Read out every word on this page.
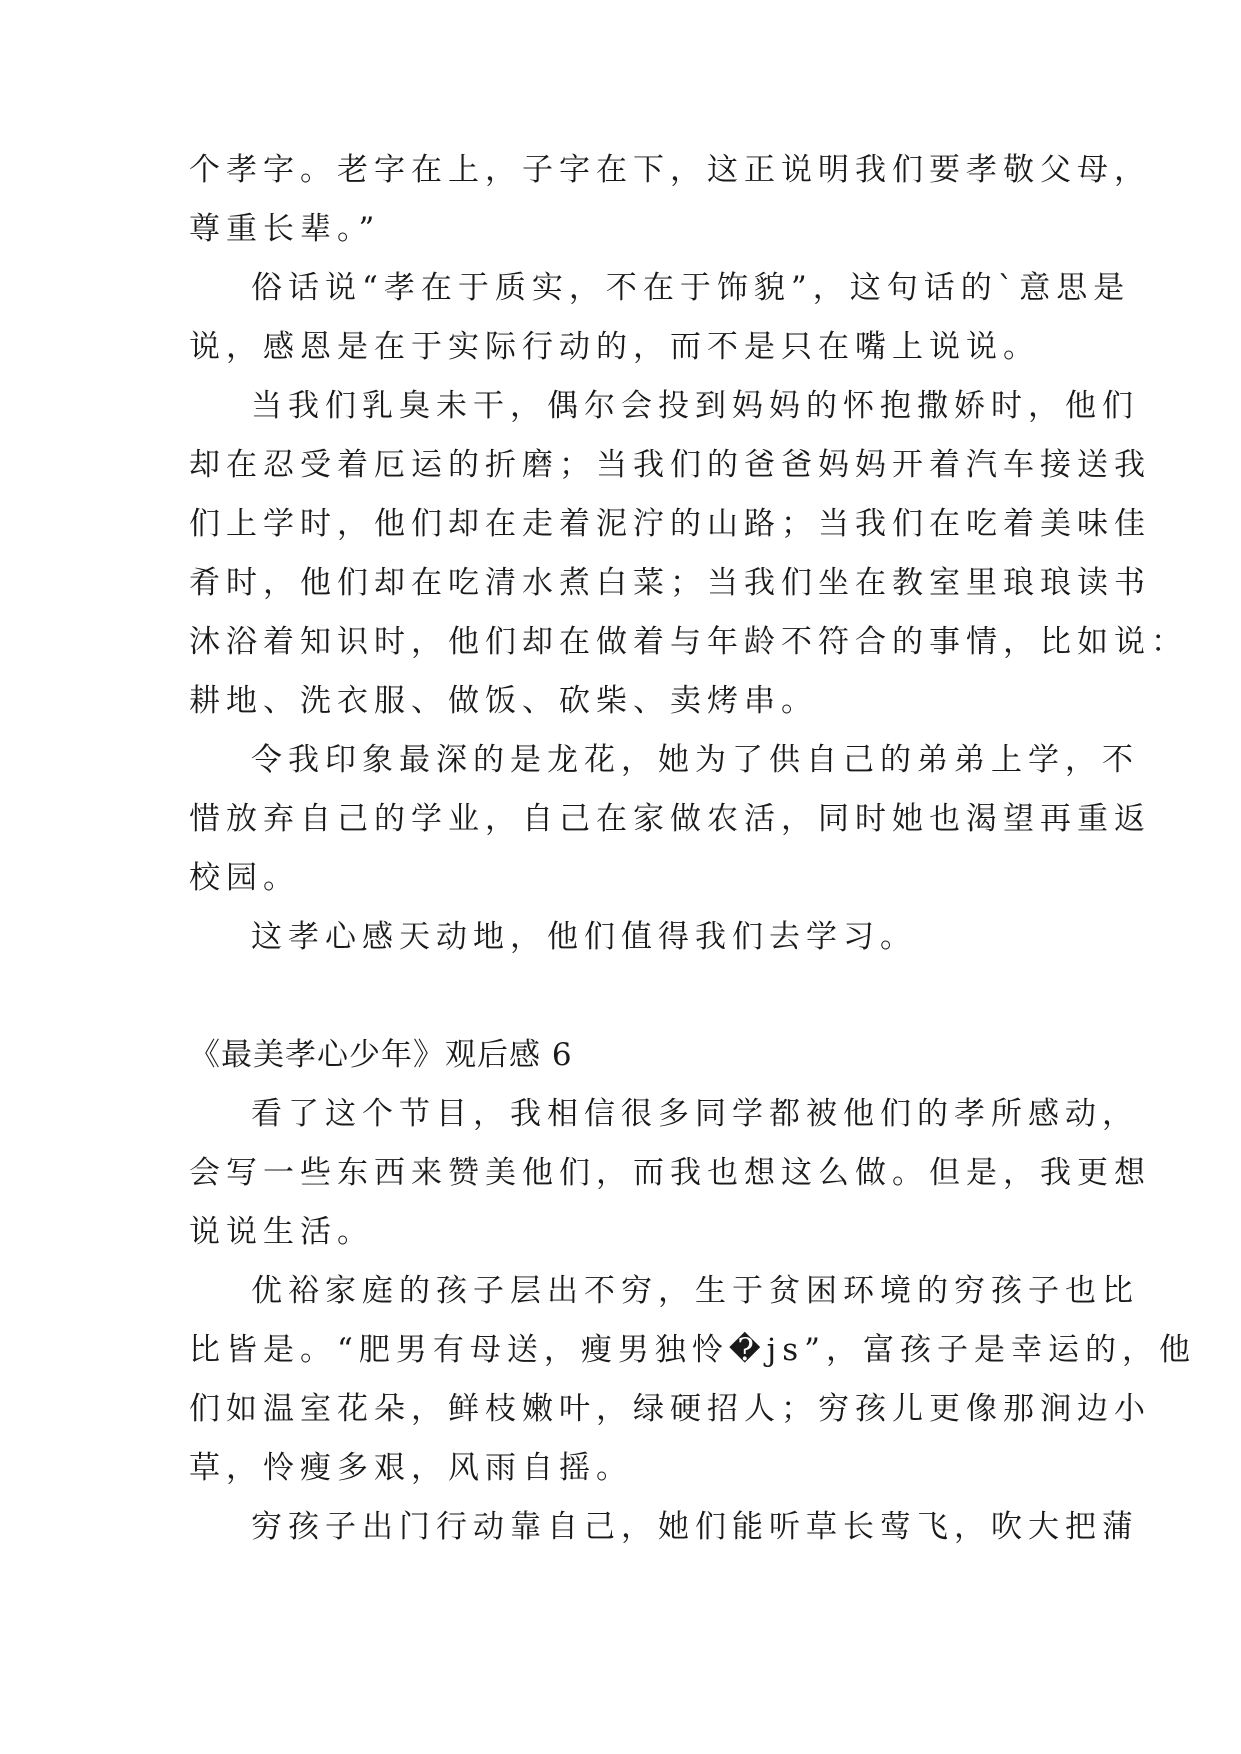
个孝字。老字在上，子字在下，这正说明我们要孝敬父母，
尊重长辈。”
俗话说“孝在于质实，不在于饰貌”，这句话的`意思是
说，感恩是在于实际行动的，而不是只在嘴上说说。
当我们乳臭未干，偶尔会投到妈妈的怀抱撒娇时，他们
却在忍受着厄运的折磨；当我们的爸爸妈妈开着汽车接送我
们上学时，他们却在走着泥泞的山路；当我们在吃着美味佳
肴时，他们却在吃清水煮白菜；当我们坐在教室里琅琅读书
沐浴着知识时，他们却在做着与年龄不符合的事情，比如说：
耕地、洗衣服、做饭、砍柴、卖烤串。
令我印象最深的是龙花，她为了供自己的弟弟上学，不
惜放弃自己的学业，自己在家做农活，同时她也渴望再重返
校园。
这孝心感天动地，他们值得我们去学习。
《最美孝心少年》观后感 6
看了这个节目，我相信很多同学都被他们的孝所感动，
会写一些东西来赞美他们，而我也想这么做。但是，我更想
说说生活。
优裕家庭的孩子层出不穷，生于贫困环境的穷孩子也比
比皆是。“肥男有母送，瘦男独怜�js”，富孩子是幸运的，他
们如温室花朵，鲜枝嫩叶，绿硬招人；穷孩儿更像那涧边小
草，怜瘦多艰，风雨自摇。
穷孩子出门行动靠自己，她们能听草长莺飞，吹大把蒲
